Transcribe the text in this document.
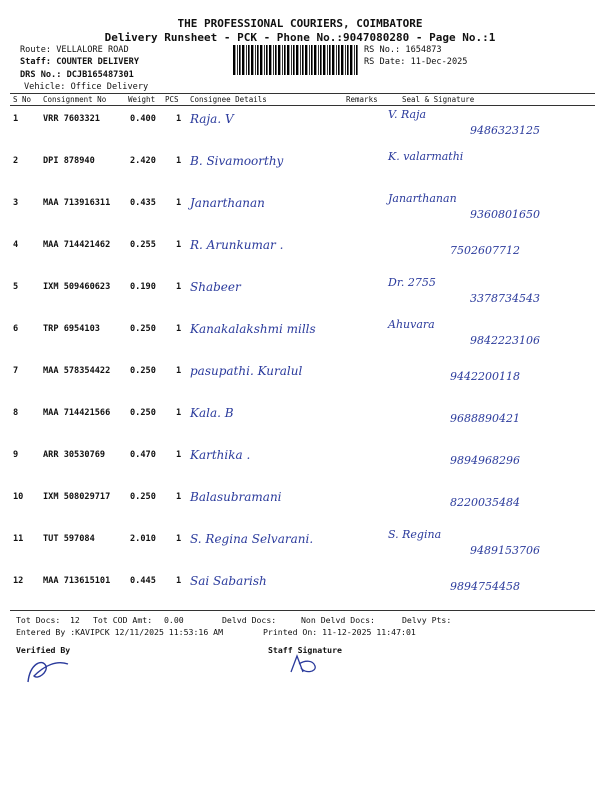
THE PROFESSIONAL COURIERS, COIMBATORE
Delivery Runsheet - PCK - Phone No.:9047080280 - Page No.:1
Route: VELLALORE ROAD
Staff: COUNTER DELIVERY
DRS No.: DCJB165487301
Vehicle: Office Delivery
RS No.: 1654873
RS Date: 11-Dec-2025
S No Consignment No	Weight PCS Consignee Details	Remarks	Seal & Signature
1	VRR 7603321	0.400 1 Raja. V	V. Raja
9486323125
2	DPI 878940	2.420 1 B. Sivamoorthy	K. valarmathi
3	MAA 713916311 0.435 1 Janarthanan	Janarthanan
9360801650
4	MAA 714421462 0.255 1 R. Arunkumar .	7502607712
5	IXM 509460623 0.190 1 Shabeer	Dr. 2755
3378734543
6	TRP 6954103	0.250 1 Kanakalakshmi mills	Ahuvara
9842223106
7	MAA 578354422 0.250 1 pasupathi. Kuralul	9442200118
8	MAA 714421566 0.250 1 Kala. B	9688890421
9	ARR 30530769	0.470 1 Karthika .	9894968296
10 IXM 508029717 0.250 1 Balasubramani	8220035484
11 TUT 597084	2.010 1 S. Regina Selvarani.	S. Regina
9489153706
12 MAA 713615101 0.445 1 Sai Sabarish	9894754458
Tot Docs: 12 Tot COD Amt: 0.00	Delvd Docs:	Non Delvd Docs:	Delvy Pts:
Entered By :KAVIPCK 12/11/2025 11:53:16 AM	Printed On: 11-12-2025 11:47:01
Verified By	Staff Signature
